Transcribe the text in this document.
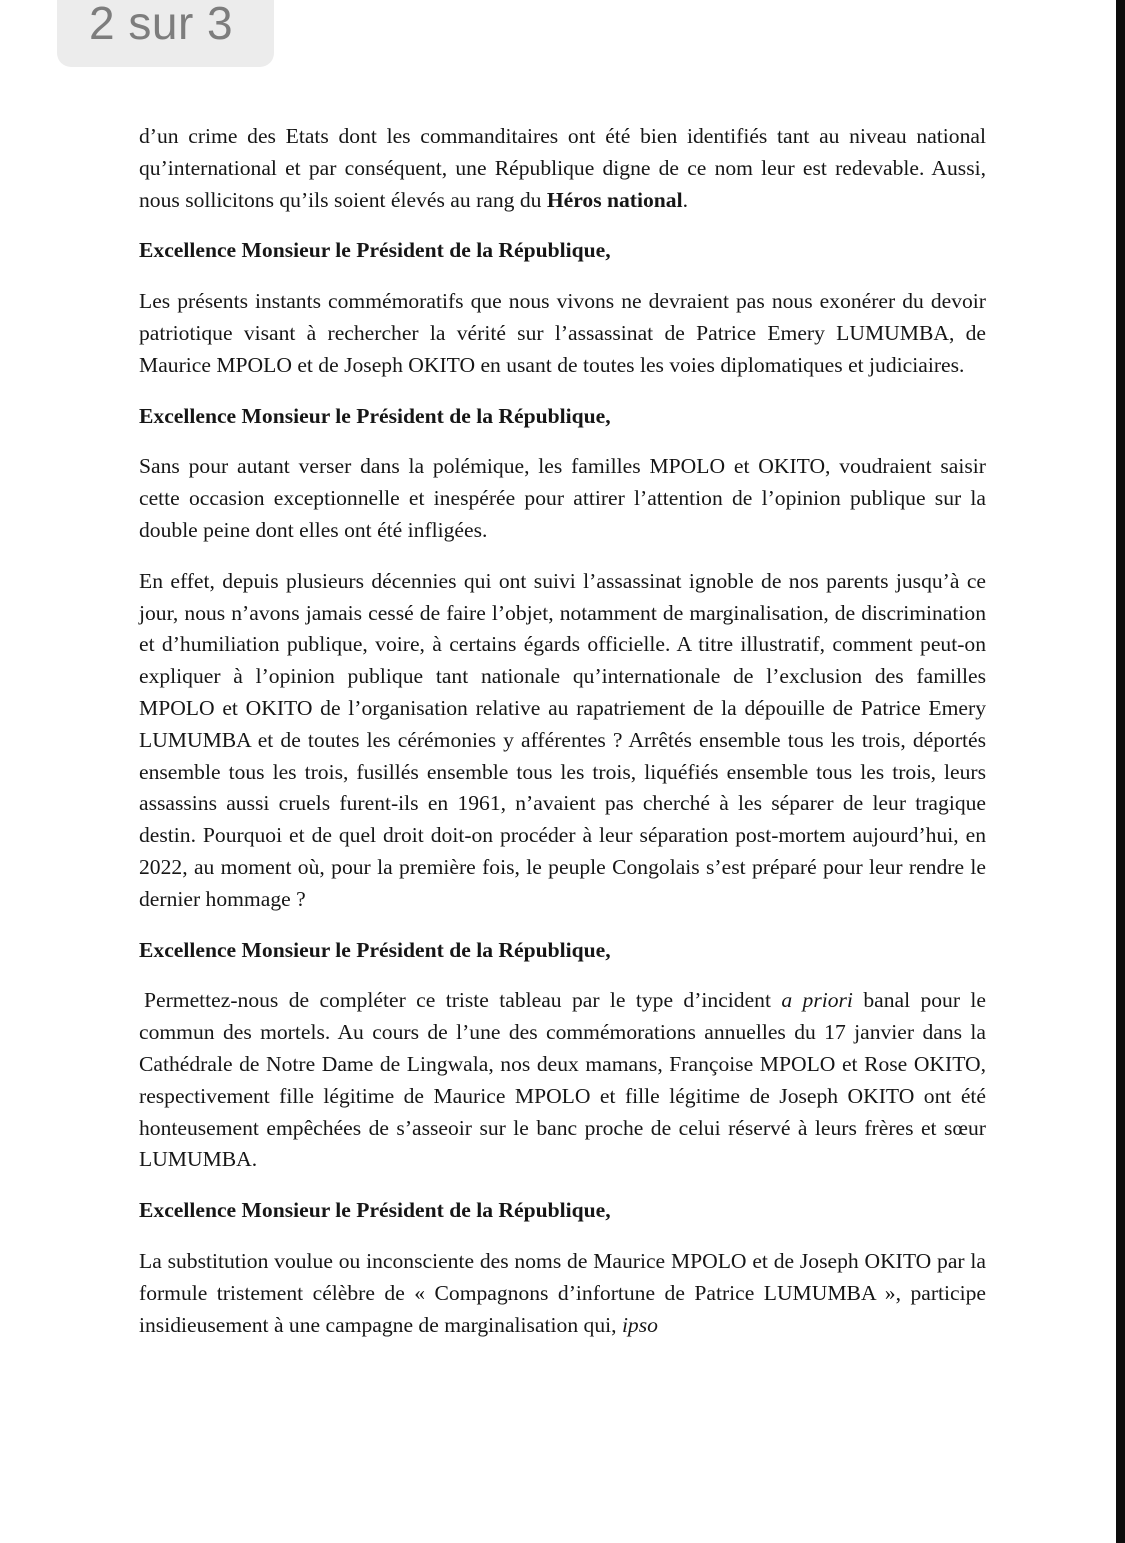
2 sur 3

d’un crime des Etats dont les commanditaires ont été bien identifiés tant au niveau national qu’international et par conséquent, une République digne de ce nom leur est redevable. Aussi, nous sollicitons qu’ils soient élevés au rang du Héros national.

Excellence Monsieur le Président de la République,

Les présents instants commémoratifs que nous vivons ne devraient pas nous exonérer du devoir patriotique visant à rechercher la vérité sur l’assassinat de Patrice Emery LUMUMBA, de Maurice MPOLO et de Joseph OKITO en usant de toutes les voies diplomatiques et judiciaires.

Excellence Monsieur le Président de la République,

Sans pour autant verser dans la polémique, les familles MPOLO et OKITO, voudraient saisir cette occasion exceptionnelle et inespérée pour attirer l’attention de l’opinion publique sur la double peine dont elles ont été infligées.

En effet, depuis plusieurs décennies qui ont suivi l’assassinat ignoble de nos parents jusqu’à ce jour, nous n’avons jamais cessé de faire l’objet, notamment de marginalisation, de discrimination et d’humiliation publique, voire, à certains égards officielle. A titre illustratif, comment peut-on expliquer à l’opinion publique tant nationale qu’internationale de l’exclusion des familles MPOLO et OKITO de l’organisation relative au rapatriement de la dépouille de Patrice Emery LUMUMBA et de toutes les cérémonies y afférentes ? Arrêtés ensemble tous les trois, déportés ensemble tous les trois, fusillés ensemble tous les trois, liquéfiés ensemble tous les trois, leurs assassins aussi cruels furent-ils en 1961, n’avaient pas cherché à les séparer de leur tragique destin. Pourquoi et de quel droit doit-on procéder à leur séparation post-mortem aujourd’hui, en 2022, au moment où, pour la première fois, le peuple Congolais s’est préparé pour leur rendre le dernier hommage ?

Excellence Monsieur le Président de la République,

Permettez-nous de compléter ce triste tableau par le type d’incident a priori banal pour le commun des mortels. Au cours de l’une des commémorations annuelles du 17 janvier dans la Cathédrale de Notre Dame de Lingwala, nos deux mamans, Françoise MPOLO et Rose OKITO, respectivement fille légitime de Maurice MPOLO et fille légitime de Joseph OKITO ont été honteusement empêchées de s’asseoir sur le banc proche de celui réservé à leurs frères et sœur LUMUMBA.

Excellence Monsieur le Président de la République,

La substitution voulue ou inconsciente des noms de Maurice MPOLO et de Joseph OKITO par la formule tristement célèbre de « Compagnons d’infortune de Patrice LUMUMBA », participe insidieusement à une campagne de marginalisation qui, ipso
